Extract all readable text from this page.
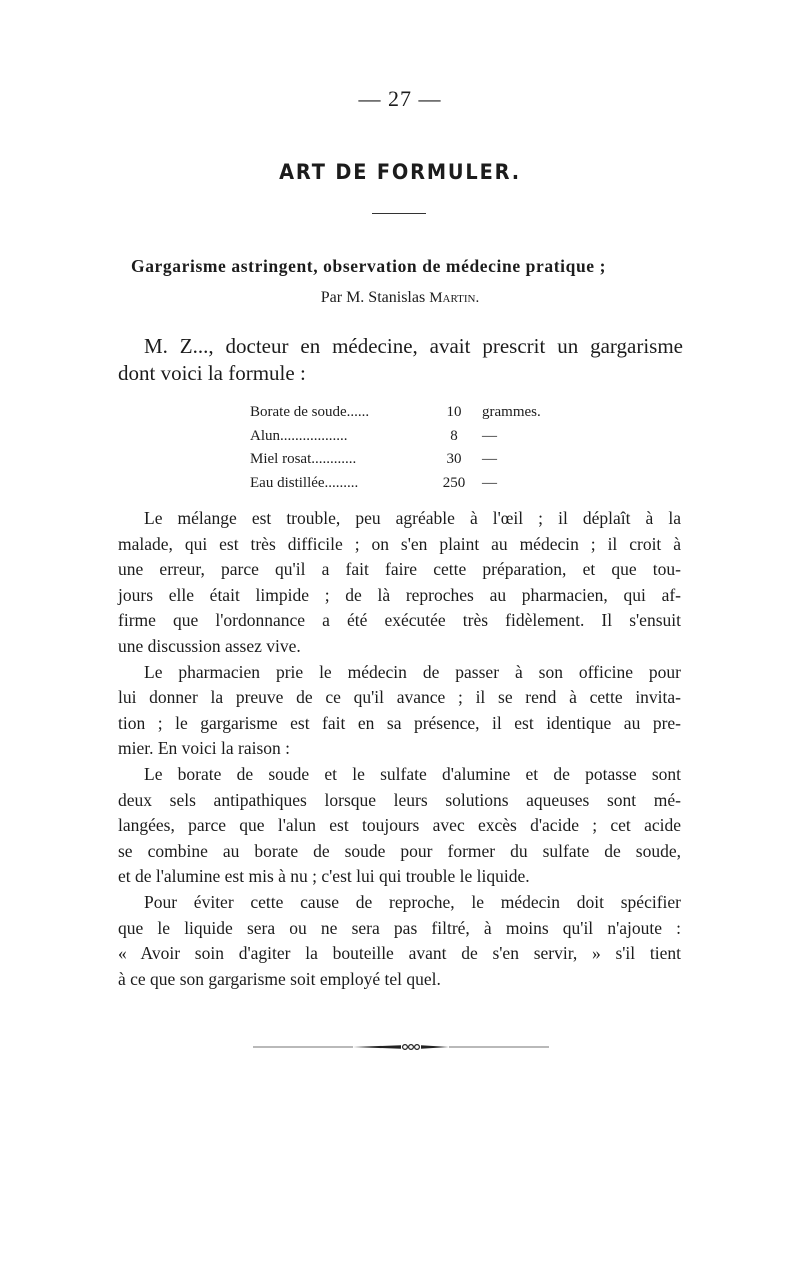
— 27 —
ART DE FORMULER.
Gargarisme astringent, observation de médecine pratique ;
Par M. Stanislas Martin.
M. Z..., docteur en médecine, avait prescrit un gargarisme
dont voici la formule :
Borate de soude......	10	grammes.
Alun..................	8	—
Miel rosat............	30	—
Eau distillée.........	250	—
Le mélange est trouble, peu agréable à l'œil ; il déplaît à la
malade, qui est très difficile ; on s'en plaint au médecin ; il croit à
une erreur, parce qu'il a fait faire cette préparation, et que tou-
jours elle était limpide ; de là reproches au pharmacien, qui af-
firme que l'ordonnance a été exécutée très fidèlement. Il s'ensuit
une discussion assez vive.
Le pharmacien prie le médecin de passer à son officine pour
lui donner la preuve de ce qu'il avance ; il se rend à cette invita-
tion ; le gargarisme est fait en sa présence, il est identique au pre-
mier. En voici la raison :
Le borate de soude et le sulfate d'alumine et de potasse sont
deux sels antipathiques lorsque leurs solutions aqueuses sont mé-
langées, parce que l'alun est toujours avec excès d'acide ; cet acide
se combine au borate de soude pour former du sulfate de soude,
et de l'alumine est mis à nu ; c'est lui qui trouble le liquide.
Pour éviter cette cause de reproche, le médecin doit spécifier
que le liquide sera ou ne sera pas filtré, à moins qu'il n'ajoute :
« Avoir soin d'agiter la bouteille avant de s'en servir, » s'il tient
à ce que son gargarisme soit employé tel quel.
